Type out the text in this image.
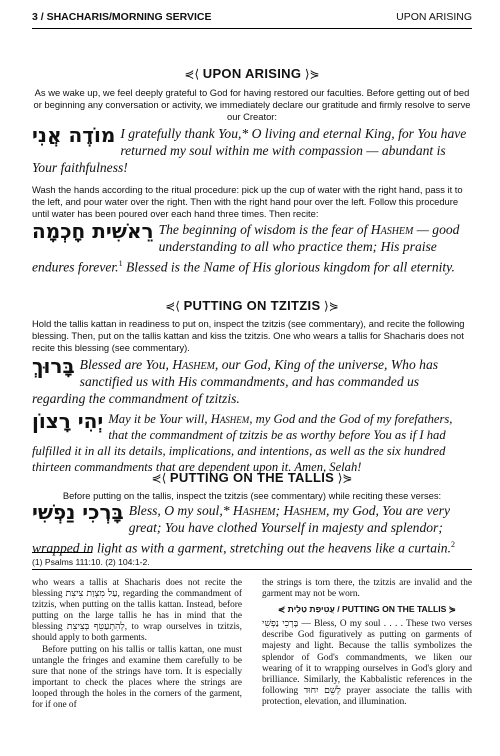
3 / SHACHARIS/MORNING SERVICE	UPON ARISING
⋞⟨ UPON ARISING ⟩⋟
As we wake up, we feel deeply grateful to God for having restored our faculties. Before getting out of bed or beginning any conversation or activity, we immediately declare our gratitude and firmly resolve to serve our Creator:
מוֹדֶה אֲנִי I gratefully thank You,* O living and eternal King, for You have returned my soul within me with compassion — abundant is Your faithfulness!
Wash the hands according to the ritual procedure: pick up the cup of water with the right hand, pass it to the left, and pour water over the right. Then with the right hand pour over the left. Follow this procedure until water has been poured over each hand three times. Then recite:
רֵאשִׁית חָכְמָה The beginning of wisdom is the fear of Hashem — good understanding to all who practice them; His praise endures forever.$^1$ Blessed is the Name of His glorious kingdom for all eternity.
⋞⟨ PUTTING ON TZITZIS ⟩⋟
Hold the tallis kattan in readiness to put on, inspect the tzitzis (see commentary), and recite the following blessing. Then, put on the tallis kattan and kiss the tzitzis. One who wears a tallis for Shacharis does not recite this blessing (see commentary).
בָּרוּךְ Blessed are You, Hashem, our God, King of the universe, Who has sanctified us with His commandments, and has commanded us regarding the commandment of tzitzis.
יְהִי רָצוֹן May it be Your will, Hashem, my God and the God of my forefathers, that the commandment of tzitzis be as worthy before You as if I had fulfilled it in all its details, implications, and intentions, as well as the six hundred thirteen commandments that are dependent upon it. Amen, Selah!
⋞⟨ PUTTING ON THE TALLIS ⟩⋟
Before putting on the tallis, inspect the tzitzis (see commentary) while reciting these verses:
בָּרְכִי נַפְשִׁי Bless, O my soul,* Hashem; Hashem, my God, You are very great; You have clothed Yourself in majesty and splendor; wrapped in light as with a garment, stretching out the heavens like a curtain.$^2$
(1) Psalms 111:10. (2) 104:1-2.

who wears a tallis at Shacharis does not recite the blessing עַל מִצְוַת צִיצִת, regarding the commandment of tzitzis, when putting on the tallis kattan. Instead, before putting on the large tallis he has in mind that the blessing לְהִתְעַטֵּף בְּצִיצִת, to wrap ourselves in tzitzis, should apply to both garments.

Before putting on his tallis or tallis kattan, one must untangle the fringes and examine them carefully to be sure that none of the strings have torn. It is especially important to check the places where the strings are looped through the holes in the corners of the garment, for if one of

the strings is torn there, the tzitzis are invalid and the garment may not be worn.

⋞ עֲטִיפַת טַלִּית / PUTTING ON THE TALLIS ⋟

בָּרְכִי נַפְשִׁי — Bless, O my soul . . . . These two verses describe God figuratively as putting on garments of majesty and light. Because the tallis symbolizes the splendor of God's commandments, we liken our wearing of it to wrapping ourselves in God's glory and brilliance. Similarly, the Kabbalistic references in the following לְשֵׁם יִחוּד prayer associate the tallis with protection, elevation, and illumination.
